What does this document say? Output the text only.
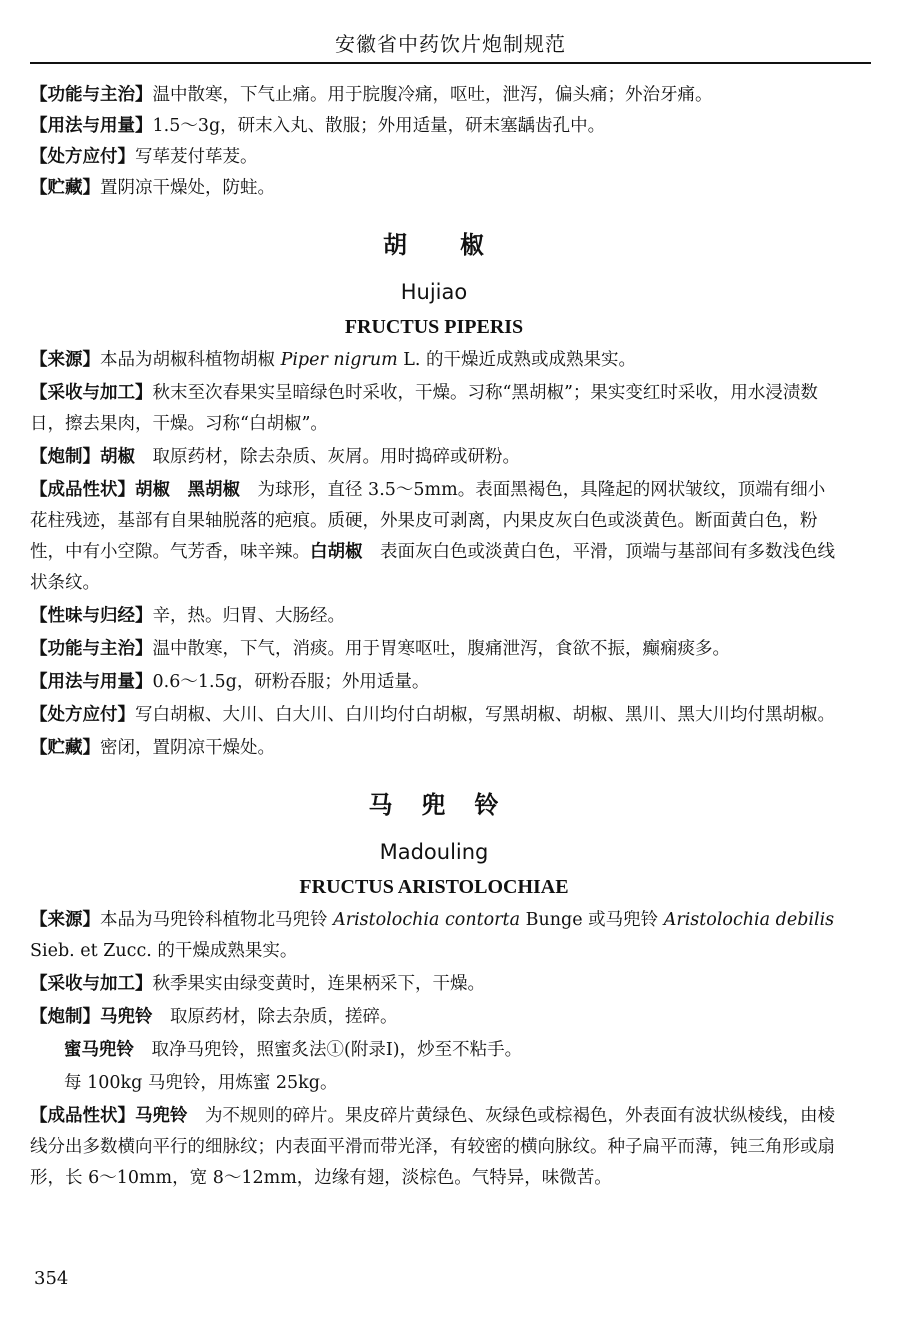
安徽省中药饮片炮制规范

【功能与主治】温中散寒，下气止痛。用于脘腹冷痛，呕吐，泄泻，偏头痛；外治牙痛。

【用法与用量】1.5～3g，研末入丸、散服；外用适量，研末塞龋齿孔中。

【处方应付】写荜茇付荜茇。

【贮藏】置阴凉干燥处，防蛀。

胡 椒
Hujiao
FRUCTUS PIPERIS

【来源】本品为胡椒科植物胡椒 Piper nigrum L. 的干燥近成熟或成熟果实。

【采收与加工】秋末至次春果实呈暗绿色时采收，干燥。习称“黑胡椒”；果实变红时采收，用水浸渍数日，擦去果肉，干燥。习称“白胡椒”。

【炮制】胡椒　取原药材，除去杂质、灰屑。用时捣碎或研粉。

【成品性状】胡椒　 黑胡椒　为球形，直径 3.5～5mm。表面黑褐色，具隆起的网状皱纹，顶端有细小花柱残迹，基部有自果轴脱落的疤痕。质硬，外果皮可剥离，内果皮灰白色或淡黄色。断面黄白色，粉性，中有小空隙。气芳香，味辛辣。白胡椒　表面灰白色或淡黄白色，平滑，顶端与基部间有多数浅色线状条纹。

【性味与归经】辛，热。归胃、大肠经。

【功能与主治】温中散寒，下气，消痰。用于胃寒呕吐，腹痛泄泻，食欲不振，癫痫痰多。

【用法与用量】0.6～1.5g，研粉吞服；外用适量。

【处方应付】写白胡椒、大川、白大川、白川均付白胡椒，写黑胡椒、胡椒、黑川、黑大川均付黑胡椒。

【贮藏】密闭，置阴凉干燥处。

马 兜 铃
Madouling
FRUCTUS ARISTOLOCHIAE

【来源】本品为马兜铃科植物北马兜铃 Aristolochia contorta Bunge 或马兜铃 Aristolochia debilis Sieb. et Zucc. 的干燥成熟果实。

【采收与加工】秋季果实由绿变黄时，连果柄采下，干燥。

【炮制】马兜铃　取原药材，除去杂质，搓碎。

蜜马兜铃　取净马兜铃，照蜜炙法①(附录Ⅰ)，炒至不粘手。

每 100kg 马兜铃，用炼蜜 25kg。

【成品性状】马兜铃　为不规则的碎片。果皮碎片黄绿色、灰绿色或棕褐色，外表面有波状纵棱线，由棱线分出多数横向平行的细脉纹；内表面平滑而带光泽，有较密的横向脉纹。种子扁平而薄，钝三角形或扇形，长 6～10mm，宽 8～12mm，边缘有翅，淡棕色。气特异，味微苦。

354
